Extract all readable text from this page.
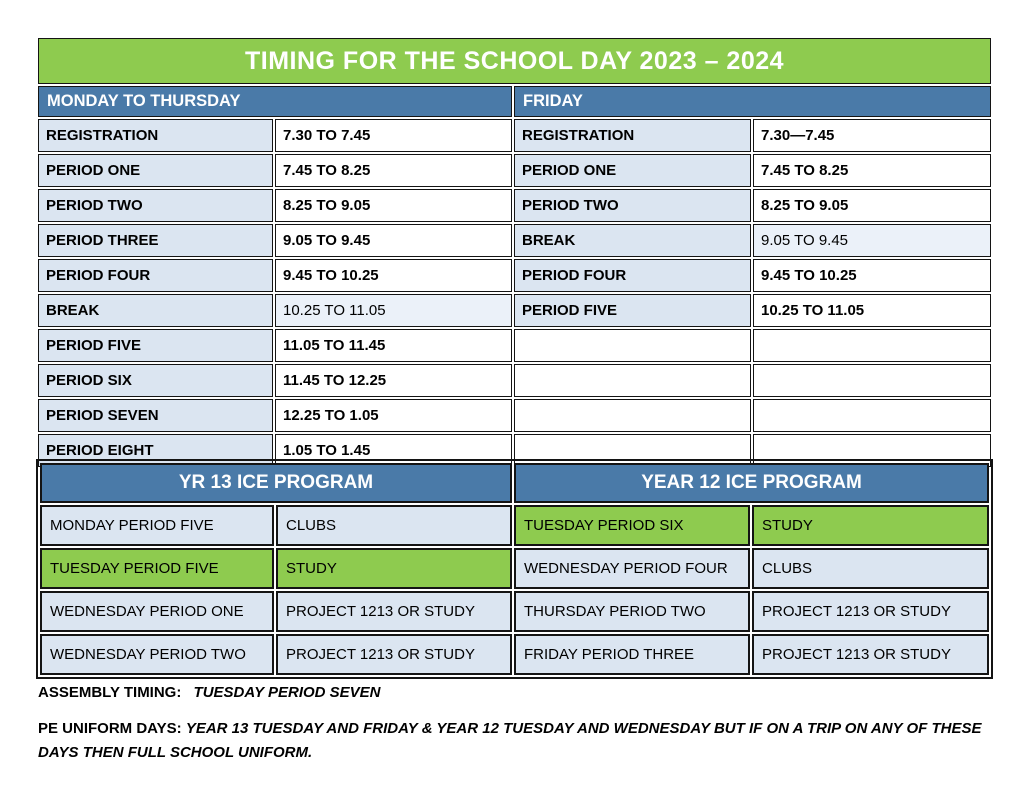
TIMING FOR THE SCHOOL DAY 2023 – 2024			
MONDAY TO THURSDAY		FRIDAY	
REGISTRATION	7.30 TO 7.45	REGISTRATION	7.30—7.45
PERIOD ONE	7.45 TO 8.25	PERIOD ONE	7.45 TO 8.25
PERIOD TWO	8.25 TO 9.05	PERIOD TWO	8.25 TO 9.05
PERIOD THREE	9.05 TO 9.45	BREAK	9.05 TO 9.45
PERIOD FOUR	9.45 TO 10.25	PERIOD FOUR	9.45 TO 10.25
BREAK	10.25 TO 11.05	PERIOD FIVE	10.25 TO 11.05
PERIOD FIVE	11.05 TO 11.45		
PERIOD SIX	11.45 TO 12.25		
PERIOD SEVEN	12.25 TO 1.05		
PERIOD EIGHT	1.05 TO 1.45		
YR 13 ICE PROGRAM		YEAR 12 ICE PROGRAM	
MONDAY PERIOD FIVE	CLUBS	TUESDAY PERIOD SIX	STUDY
TUESDAY PERIOD FIVE	STUDY	WEDNESDAY PERIOD FOUR	CLUBS
WEDNESDAY PERIOD ONE	PROJECT 1213 OR STUDY	THURSDAY PERIOD TWO	PROJECT 1213 OR STUDY
WEDNESDAY PERIOD TWO	PROJECT 1213 OR STUDY	FRIDAY PERIOD THREE	PROJECT 1213 OR STUDY

ASSEMBLY TIMING: TUESDAY PERIOD SEVEN

PE UNIFORM DAYS: YEAR 13 TUESDAY AND FRIDAY & YEAR 12 TUESDAY AND WEDNESDAY BUT IF ON A TRIP ON ANY OF THESE DAYS THEN FULL SCHOOL UNIFORM.
